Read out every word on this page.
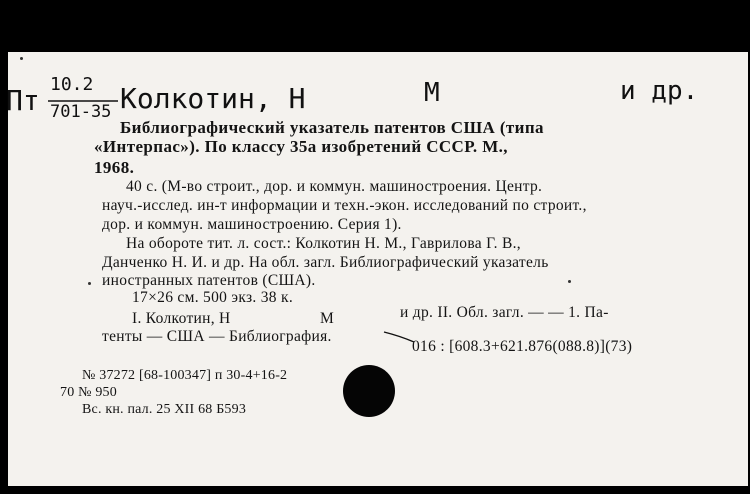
Пт 10.2
701-35 Колкотин, Н	М	и др.
Библиографический указатель патентов США (типа
«Интерпас»). По классу 35а изобретений СССР. М.,
1968.
40 с. (М-во строит., дор. и коммун. машиностроения. Центр.
науч.-исслед. ин-т информации и техн.-экон. исследований по строит.,
дор. и коммун. машиностроению. Серия 1).
На обороте тит. л. сост.: Колкотин Н. М., Гаврилова Г. В.,
Данченко Н. И. и др. На обл. загл. Библиографический указатель
иностранных патентов (США).
17×26 см. 500 экз. 38 к.
I. Колкотин, Н	М	и др. II. Обл. загл. — — 1. Па-
тенты — США — Библиография.
016 : [608.3+621.876(088.8)](73)
№ 37272 [68-100347] п 30-4+16-2
70 № 950
Вс. кн. пал. 25 XII 68 Б593
